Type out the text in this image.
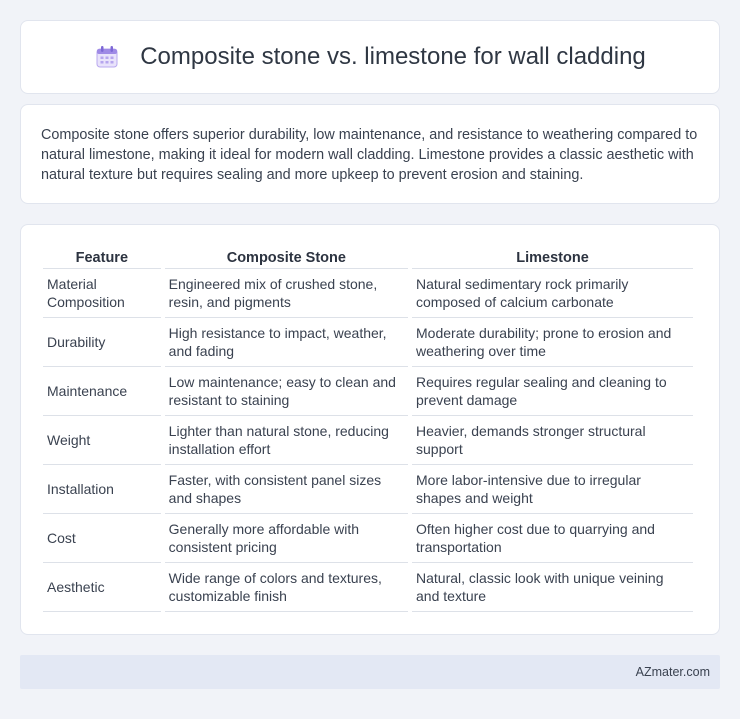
Composite stone vs. limestone for wall cladding

Composite stone offers superior durability, low maintenance, and resistance to weathering compared to natural limestone, making it ideal for modern wall cladding. Limestone provides a classic aesthetic with natural texture but requires sealing and more upkeep to prevent erosion and staining.

Feature	Composite Stone	Limestone
Material Composition	Engineered mix of crushed stone, resin, and pigments	Natural sedimentary rock primarily composed of calcium carbonate
Durability	High resistance to impact, weather, and fading	Moderate durability; prone to erosion and weathering over time
Maintenance	Low maintenance; easy to clean and resistant to staining	Requires regular sealing and cleaning to prevent damage
Weight	Lighter than natural stone, reducing installation effort	Heavier, demands stronger structural support
Installation	Faster, with consistent panel sizes and shapes	More labor-intensive due to irregular shapes and weight
Cost	Generally more affordable with consistent pricing	Often higher cost due to quarrying and transportation
Aesthetic	Wide range of colors and textures, customizable finish	Natural, classic look with unique veining and texture
AZmater.com
